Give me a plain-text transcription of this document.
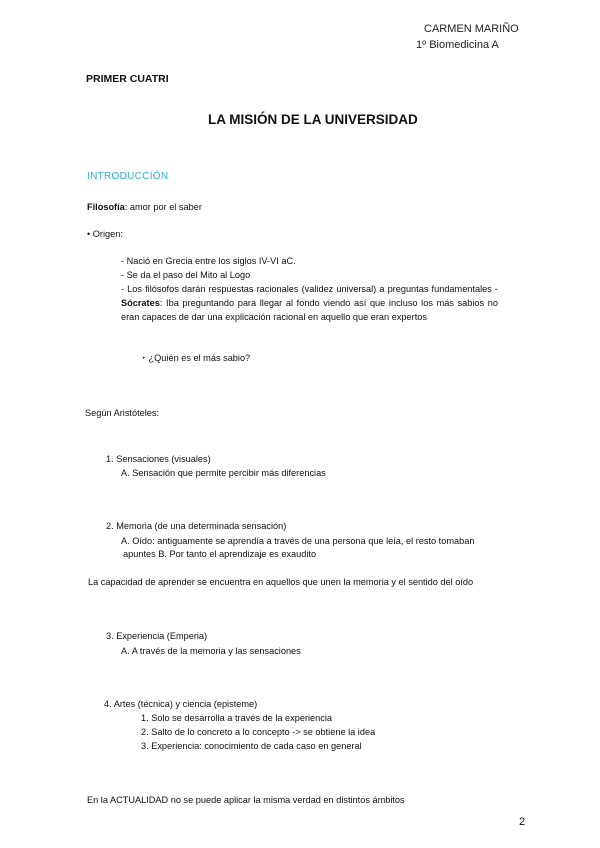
CARMEN MARIÑO
1º Biomedicina A
PRIMER CUATRI
LA MISIÓN DE LA UNIVERSIDAD
INTRODUCCIÓN
Filosofía: amor por el saber
• Origen:
- Nació en Grecia entre los siglos IV-VI aC.
- Se da el paso del Mito al Logo
- Los filósofos darán respuestas racionales (validez universal) a preguntas fundamentales - Sócrates: Iba preguntando para llegar al fondo viendo así que incluso los más sabios no eran capaces de dar una explicación racional en aquello que eran expertos
‣ ¿Quién es el más sabio?
Según Aristóteles:
1. Sensaciones (visuales)
A. Sensación que permite percibir más diferencias
2. Memoria (de una determinada sensación)
A. Oído: antiguamente se aprendía a través de una persona que leía, el resto tomaban
apuntes B. Por tanto el aprendizaje es exaudito
La capacidad de aprender se encuentra en aquellos que unen la memoria y el sentido del oído
3. Experiencia (Emperia)
A. A través de la memoria y las sensaciones
4. Artes (técnica) y ciencia (episteme)
1. Solo se desarrolla a través de la experiencia
2. Salto de lo concreto a lo concepto -> se obtiene la idea
3. Experiencia: conocimiento de cada caso en general
En la ACTUALIDAD no se puede aplicar la misma verdad en distintos ámbitos
2
